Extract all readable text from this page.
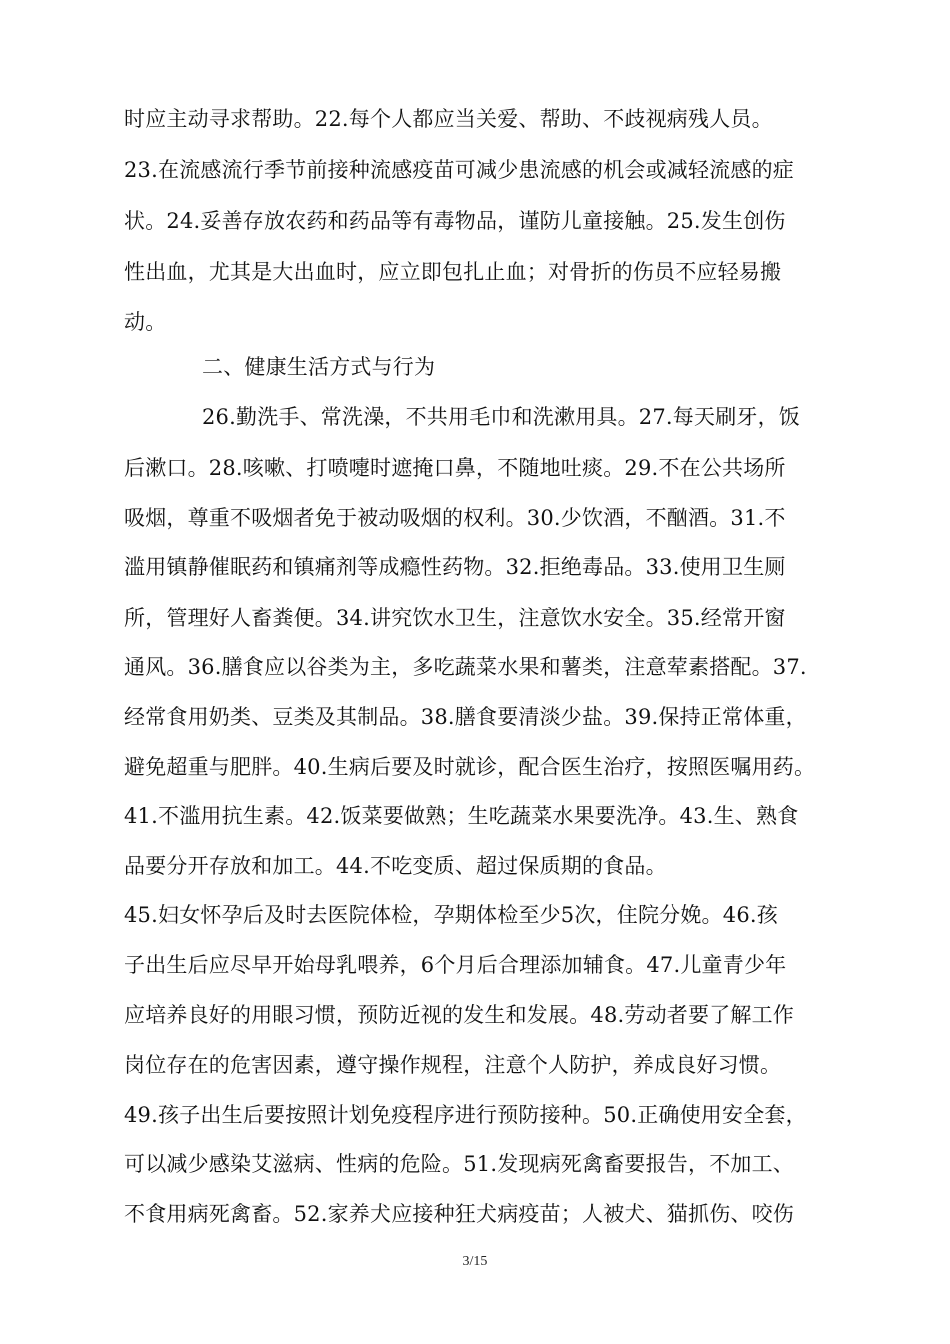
时应主动寻求帮助。22.每个人都应当关爱、帮助、不歧视病残人员。
23.在流感流行季节前接种流感疫苗可减少患流感的机会或减轻流感的症
状。24.妥善存放农药和药品等有毒物品，谨防儿童接触。25.发生创伤
性出血，尤其是大出血时，应立即包扎止血；对骨折的伤员不应轻易搬
动。
二、健康生活方式与行为
26.勤洗手、常洗澡，不共用毛巾和洗漱用具。27.每天刷牙，饭
后漱口。28.咳嗽、打喷嚏时遮掩口鼻，不随地吐痰。29.不在公共场所
吸烟，尊重不吸烟者免于被动吸烟的权利。30.少饮酒，不酗酒。31.不
滥用镇静催眠药和镇痛剂等成瘾性药物。32.拒绝毒品。33.使用卫生厕
所，管理好人畜粪便。34.讲究饮水卫生，注意饮水安全。35.经常开窗
通风。36.膳食应以谷类为主，多吃蔬菜水果和薯类，注意荤素搭配。37.
经常食用奶类、豆类及其制品。38.膳食要清淡少盐。39.保持正常体重，
避免超重与肥胖。40.生病后要及时就诊，配合医生治疗，按照医嘱用药。
41.不滥用抗生素。42.饭菜要做熟；生吃蔬菜水果要洗净。43.生、熟食
品要分开存放和加工。44.不吃变质、超过保质期的食品。
45.妇女怀孕后及时去医院体检，孕期体检至少5次，住院分娩。46.孩
子出生后应尽早开始母乳喂养，6个月后合理添加辅食。47.儿童青少年
应培养良好的用眼习惯，预防近视的发生和发展。48.劳动者要了解工作
岗位存在的危害因素，遵守操作规程，注意个人防护，养成良好习惯。
49.孩子出生后要按照计划免疫程序进行预防接种。50.正确使用安全套，
可以减少感染艾滋病、性病的危险。51.发现病死禽畜要报告，不加工、
不食用病死禽畜。52.家养犬应接种狂犬病疫苗；人被犬、猫抓伤、咬伤
3/15
